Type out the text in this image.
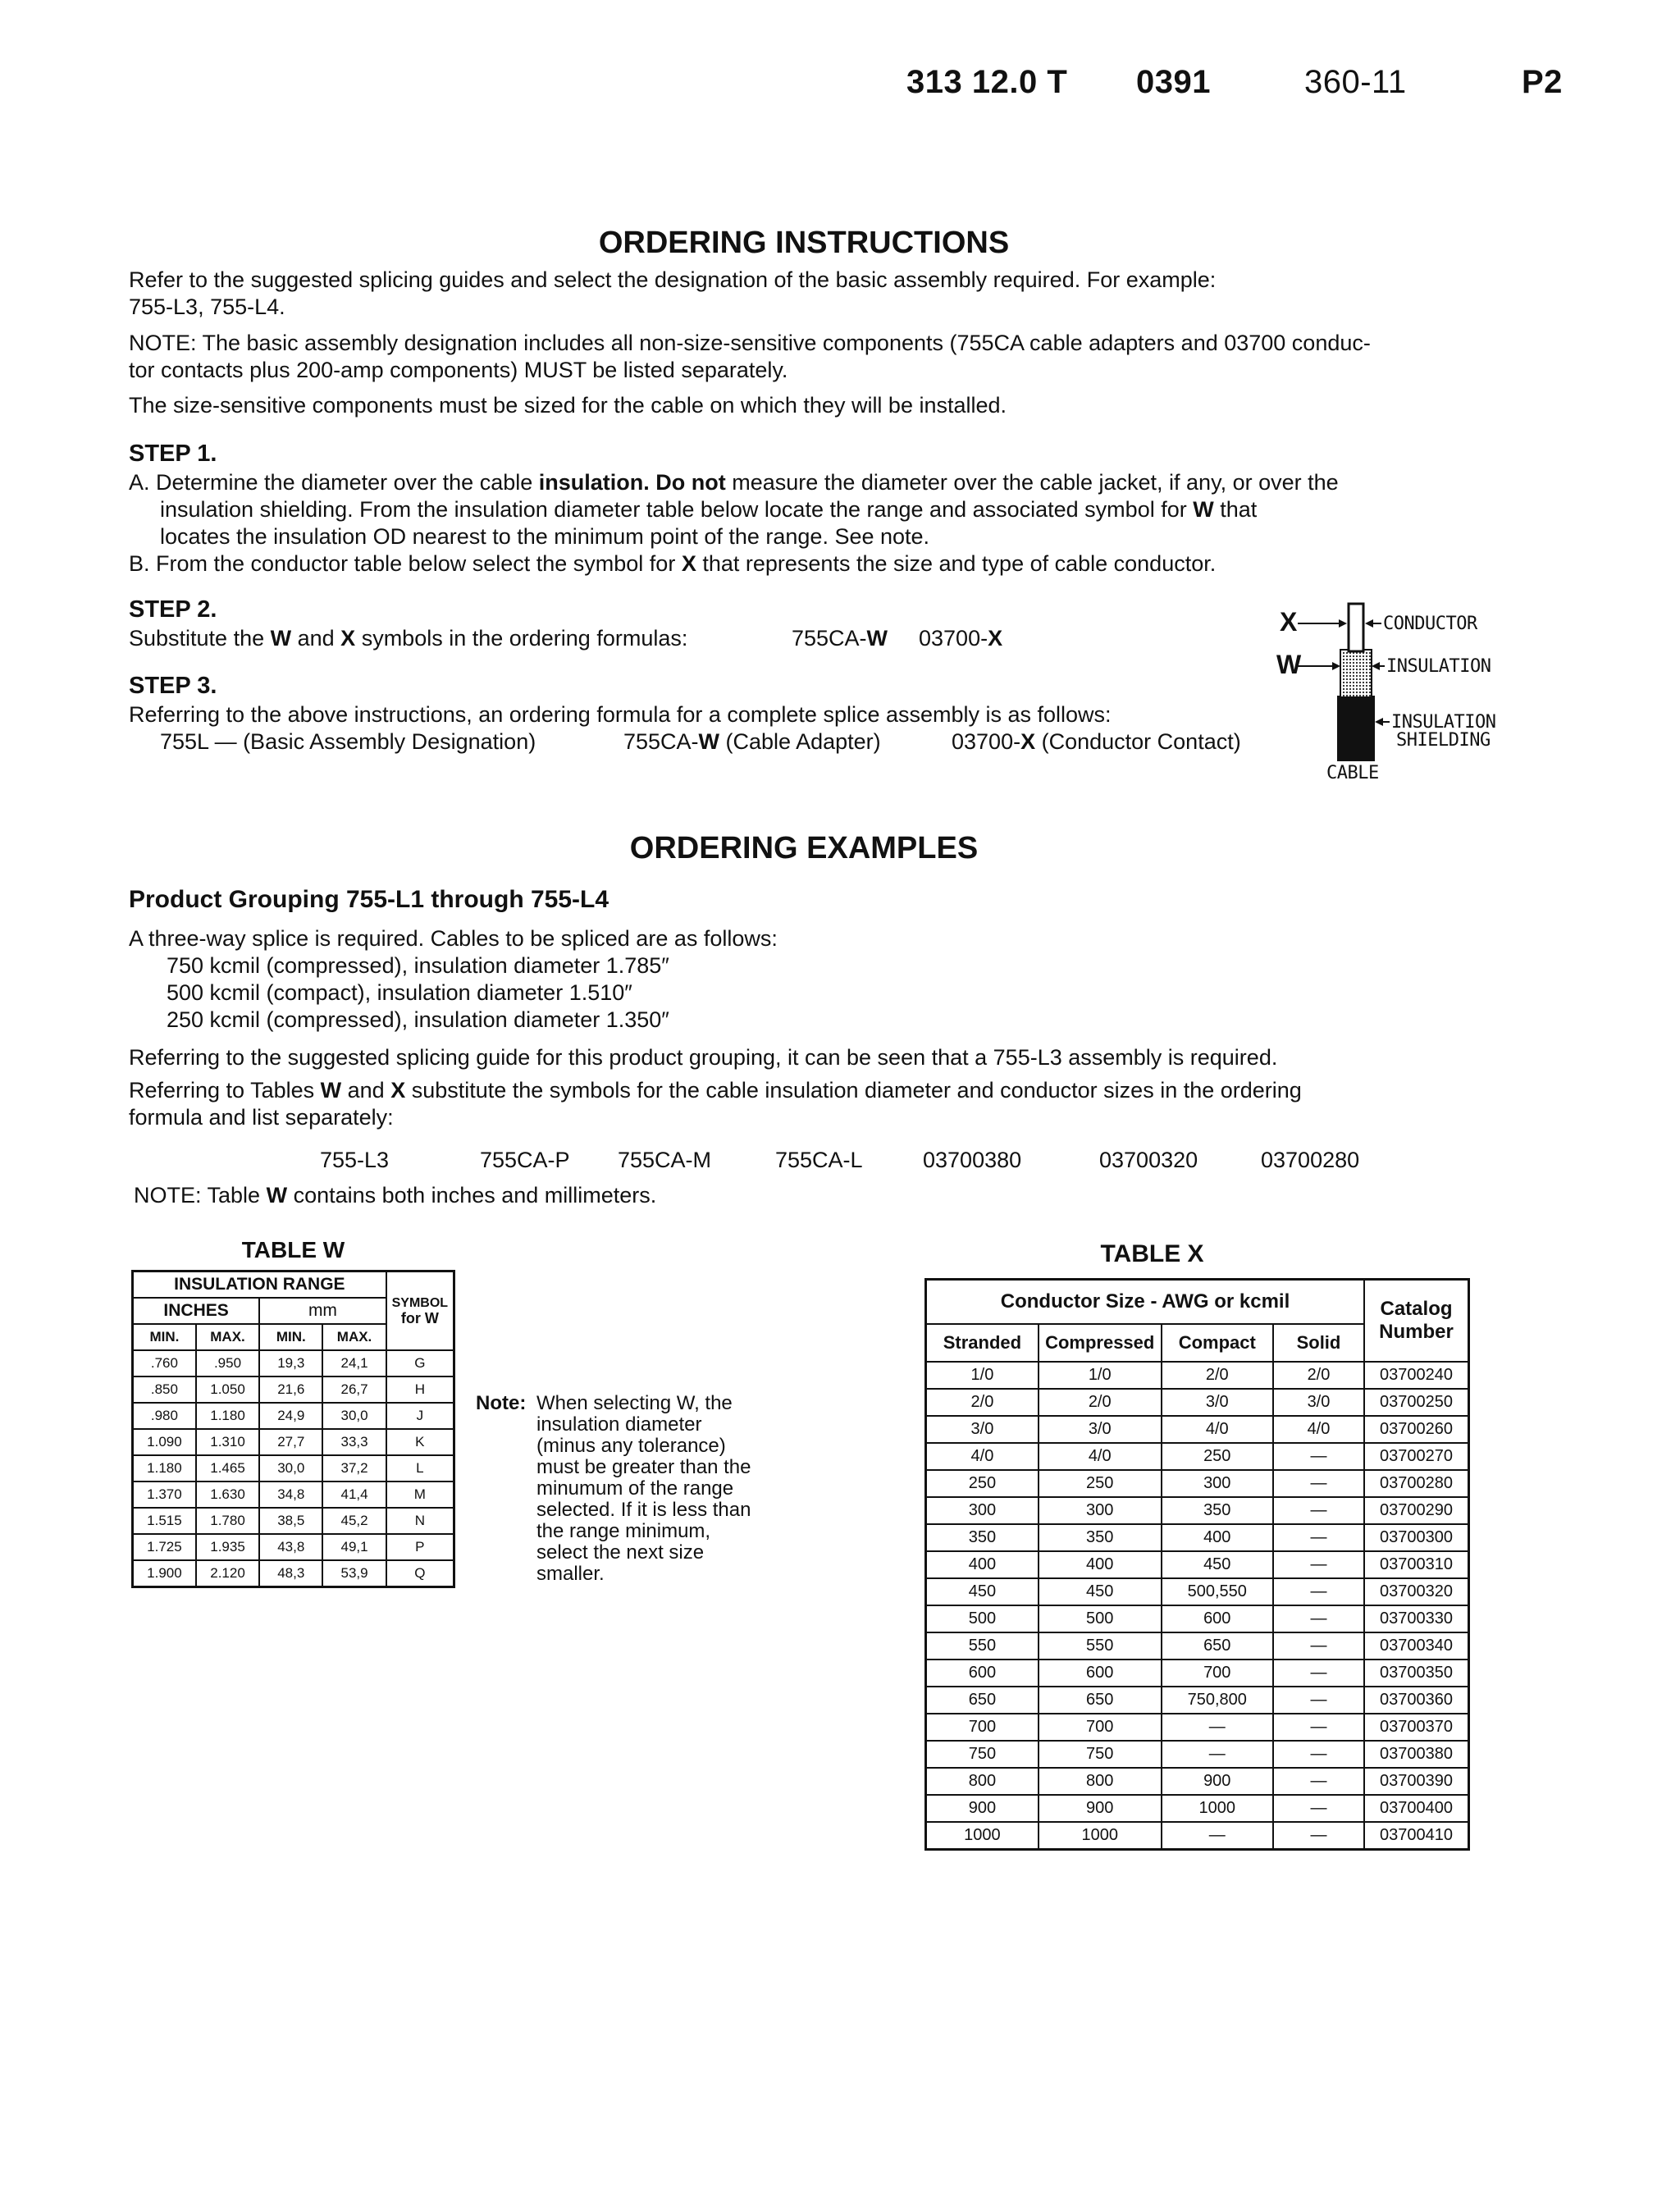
313 12.0 T 0391	360-11	P2
ORDERING INSTRUCTIONS
Refer to the suggested splicing guides and select the designation of the basic assembly required. For example:
755-L3, 755-L4.
NOTE: The basic assembly designation includes all non-size-sensitive components (755CA cable adapters and 03700 conduc-
tor contacts plus 200-amp components) MUST be listed separately.
The size-sensitive components must be sized for the cable on which they will be installed.
STEP 1.
A. Determine the diameter over the cable insulation. Do not measure the diameter over the cable jacket, if any, or over the
insulation shielding. From the insulation diameter table below locate the range and associated symbol for W that
locates the insulation OD nearest to the minimum point of the range. See note.
B. From the conductor table below select the symbol for X that represents the size and type of cable conductor.
STEP 2.
Substitute the W and X symbols in the ordering formulas:	755CA-W 03700-X
STEP 3.
Referring to the above instructions, an ordering formula for a complete splice assembly is as follows:
755L — (Basic Assembly Designation)	755CA-W (Cable Adapter)	03700-X (Conductor Contact)
X
W
CONDUCTOR
INSULATION
INSULATION
SHIELDING
CABLE
ORDERING EXAMPLES
Product Grouping 755-L1 through 755-L4
A three-way splice is required. Cables to be spliced are as follows:
750 kcmil (compressed), insulation diameter 1.785″
500 kcmil (compact), insulation diameter 1.510″
250 kcmil (compressed), insulation diameter 1.350″
Referring to the suggested splicing guide for this product grouping, it can be seen that a 755-L3 assembly is required.
Referring to Tables W and X substitute the symbols for the cable insulation diameter and conductor sizes in the ordering
formula and list separately:
755-L3	755CA-P 755CA-M	755CA-L	03700380	03700320	03700280
NOTE: Table W contains both inches and millimeters.
TABLE W
INSULATION RANGE				SYMBOL
for W

INCHES		mm		
MIN.	MAX.	MIN.	MAX.	
.760	.950	19,3	24,1	G
.850	1.050	21,6	26,7	H
.980	1.180	24,9	30,0	J
1.090	1.310	27,7	33,3	K
1.180	1.465	30,0	37,2	L
1.370	1.630	34,8	41,4	M
1.515	1.780	38,5	45,2	N
1.725	1.935	43,8	49,1	P
1.900	2.120	48,3	53,9	Q
Note: When selecting W, the
insulation diameter
(minus any tolerance)
must be greater than the
minumum of the range
selected. If it is less than
the range minimum,
select the next size
smaller.
TABLE X
Conductor Size - AWG or kcmil				Catalog
Number

Stranded	Compressed	Compact	Solid	
1/0	1/0	2/0	2/0	03700240
2/0	2/0	3/0	3/0	03700250
3/0	3/0	4/0	4/0	03700260
4/0	4/0	250	—	03700270
250	250	300	—	03700280
300	300	350	—	03700290
350	350	400	—	03700300
400	400	450	—	03700310
450	450	500,550	—	03700320
500	500	600	—	03700330
550	550	650	—	03700340
600	600	700	—	03700350
650	650	750,800	—	03700360
700	700	—	—	03700370
750	750	—	—	03700380
800	800	900	—	03700390
900	900	1000	—	03700400
1000	1000	—	—	03700410
